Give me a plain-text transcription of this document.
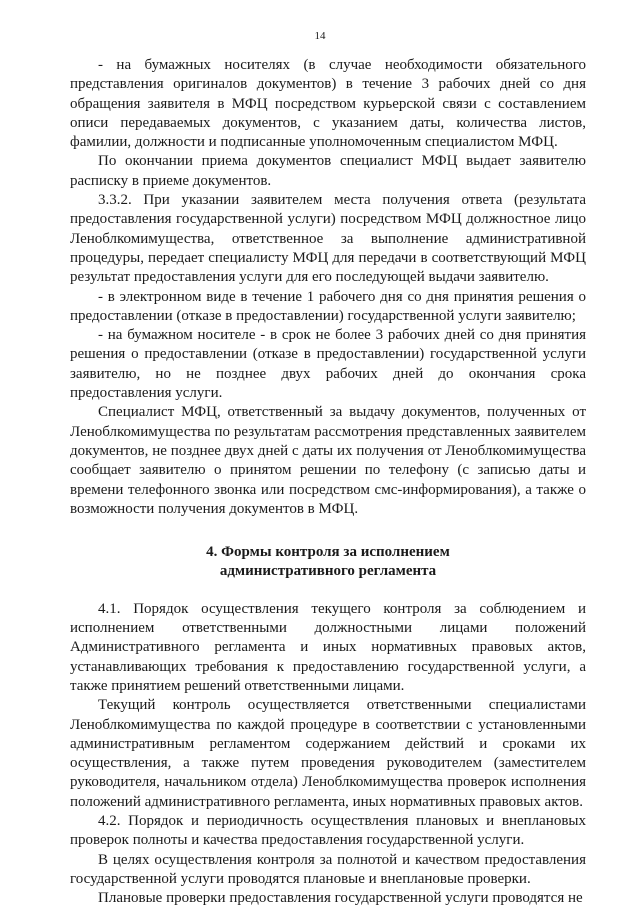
14

- на бумажных носителях (в случае необходимости обязательного представления оригиналов документов) в течение 3 рабочих дней со дня обращения заявителя в МФЦ посредством курьерской связи с составлением описи передаваемых документов, с указанием даты, количества листов, фамилии, должности и подписанные уполномоченным специалистом МФЦ.

По окончании приема документов специалист МФЦ выдает заявителю расписку в приеме документов.

3.3.2. При указании заявителем места получения ответа (результата предоставления государственной услуги) посредством МФЦ должностное лицо Леноблкомимущества, ответственное за выполнение административной процедуры, передает специалисту МФЦ для передачи в соответствующий МФЦ результат предоставления услуги для его последующей выдачи заявителю.

- в электронном виде в течение 1 рабочего дня со дня принятия решения о предоставлении (отказе в предоставлении) государственной услуги заявителю;

- на бумажном носителе - в срок не более 3 рабочих дней со дня принятия решения о предоставлении (отказе в предоставлении) государственной услуги заявителю, но не позднее двух рабочих дней до окончания срока предоставления услуги.

Специалист МФЦ, ответственный за выдачу документов, полученных от Леноблкомимущества по результатам рассмотрения представленных заявителем документов, не позднее двух дней с даты их получения от Леноблкомимущества сообщает заявителю о принятом решении по телефону (с записью даты и времени телефонного звонка или посредством смс-информирования), а также о возможности получения документов в МФЦ.

4. Формы контроля за исполнением административного регламента

4.1. Порядок осуществления текущего контроля за соблюдением и исполнением ответственными должностными лицами положений Административного регламента и иных нормативных правовых актов, устанавливающих требования к предоставлению государственной услуги, а также принятием решений ответственными лицами.

Текущий контроль осуществляется ответственными специалистами Леноблкомимущества по каждой процедуре в соответствии с установленными административным регламентом содержанием действий и сроками их осуществления, а также путем проведения руководителем (заместителем руководителя, начальником отдела) Леноблкомимущества проверок исполнения положений административного регламента, иных нормативных правовых актов.

4.2. Порядок и периодичность осуществления плановых и внеплановых проверок полноты и качества предоставления государственной услуги.

В целях осуществления контроля за полнотой и качеством предоставления государственной услуги проводятся плановые и внеплановые проверки.

Плановые проверки предоставления государственной услуги проводятся не
